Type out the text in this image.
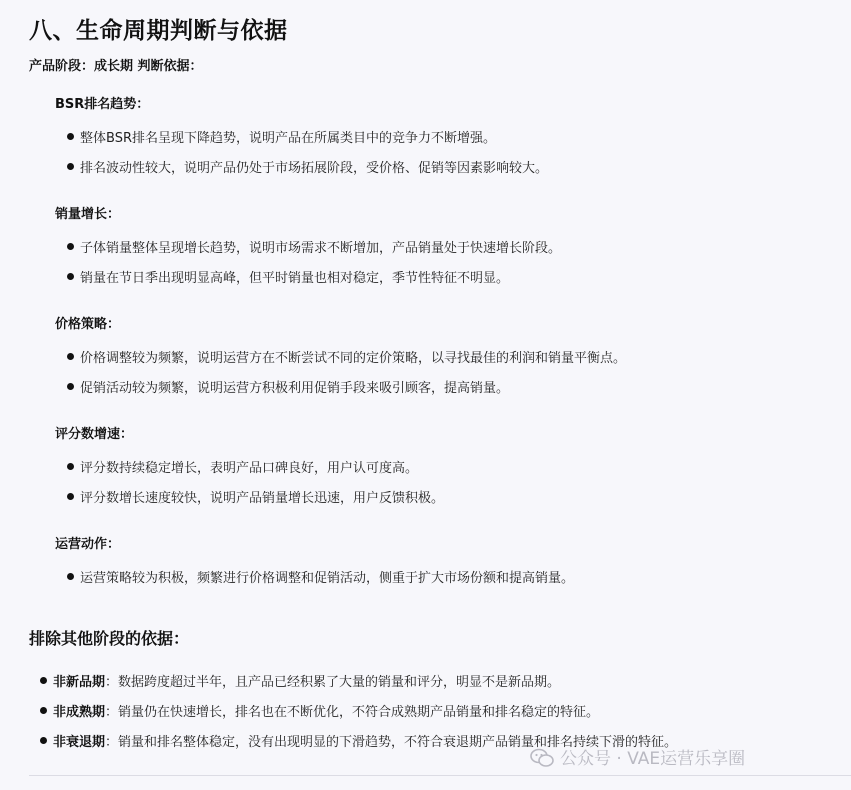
八、生命周期判断与依据
产品阶段：成长期 判断依据：
BSR排名趋势：
整体BSR排名呈现下降趋势，说明产品在所属类目中的竞争力不断增强。
排名波动性较大，说明产品仍处于市场拓展阶段，受价格、促销等因素影响较大。
销量增长：
子体销量整体呈现增长趋势，说明市场需求不断增加，产品销量处于快速增长阶段。
销量在节日季出现明显高峰，但平时销量也相对稳定，季节性特征不明显。
价格策略：
价格调整较为频繁，说明运营方在不断尝试不同的定价策略，以寻找最佳的利润和销量平衡点。
促销活动较为频繁，说明运营方积极利用促销手段来吸引顾客，提高销量。
评分数增速：
评分数持续稳定增长，表明产品口碑良好，用户认可度高。
评分数增长速度较快，说明产品销量增长迅速，用户反馈积极。
运营动作：
运营策略较为积极，频繁进行价格调整和促销活动，侧重于扩大市场份额和提高销量。
排除其他阶段的依据：
非新品期：数据跨度超过半年，且产品已经积累了大量的销量和评分，明显不是新品期。
非成熟期：销量仍在快速增长，排名也在不断优化，不符合成熟期产品销量和排名稳定的特征。
非衰退期：销量和排名整体稳定，没有出现明显的下滑趋势，不符合衰退期产品销量和排名持续下滑的特征。
公众号 · VAE运营乐享圈
